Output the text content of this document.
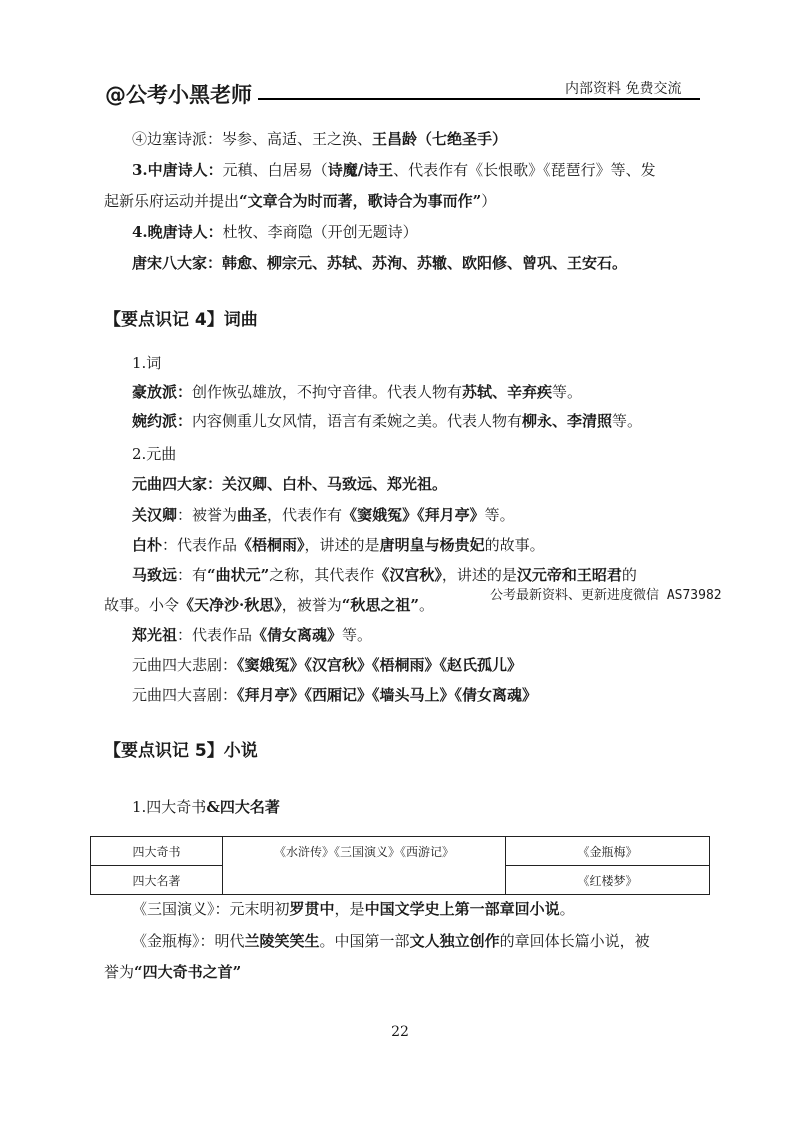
@公考小黑老师	内部资料 免费交流
④边塞诗派：岑参、高适、王之涣、王昌龄（七绝圣手）
3.中唐诗人：元稹、白居易（诗魔/诗王、代表作有《长恨歌》《琵琶行》等、发
起新乐府运动并提出“文章合为时而著，歌诗合为事而作”）
4.晚唐诗人：杜牧、李商隐（开创无题诗）
唐宋八大家：韩愈、柳宗元、苏轼、苏洵、苏辙、欧阳修、曾巩、王安石。
【要点识记 4】词曲
1.词
豪放派：创作恢弘雄放，不拘守音律。代表人物有苏轼、辛弃疾等。
婉约派：内容侧重儿女风情，语言有柔婉之美。代表人物有柳永、李清照等。
2.元曲
元曲四大家：关汉卿、白朴、马致远、郑光祖。
关汉卿：被誉为曲圣，代表作有《窦娥冤》《拜月亭》等。
白朴：代表作品《梧桐雨》，讲述的是唐明皇与杨贵妃的故事。
马致远：有“曲状元”之称，其代表作《汉宫秋》，讲述的是汉元帝和王昭君的
故事。小令《天净沙·秋思》，被誉为“秋思之祖”。
公考最新资料、更新进度微信 AS73982
郑光祖：代表作品《倩女离魂》等。
元曲四大悲剧：《窦娥冤》《汉宫秋》《梧桐雨》《赵氏孤儿》
元曲四大喜剧：《拜月亭》《西厢记》《墙头马上》《倩女离魂》
【要点识记 5】小说
1.四大奇书&四大名著
四大奇书	《水浒传》《三国演义》《西游记》	《金瓶梅》
四大名著		《红楼梦》
《三国演义》：元末明初罗贯中，是中国文学史上第一部章回小说。
《金瓶梅》：明代兰陵笑笑生。中国第一部文人独立创作的章回体长篇小说，被
誉为“四大奇书之首”
22
